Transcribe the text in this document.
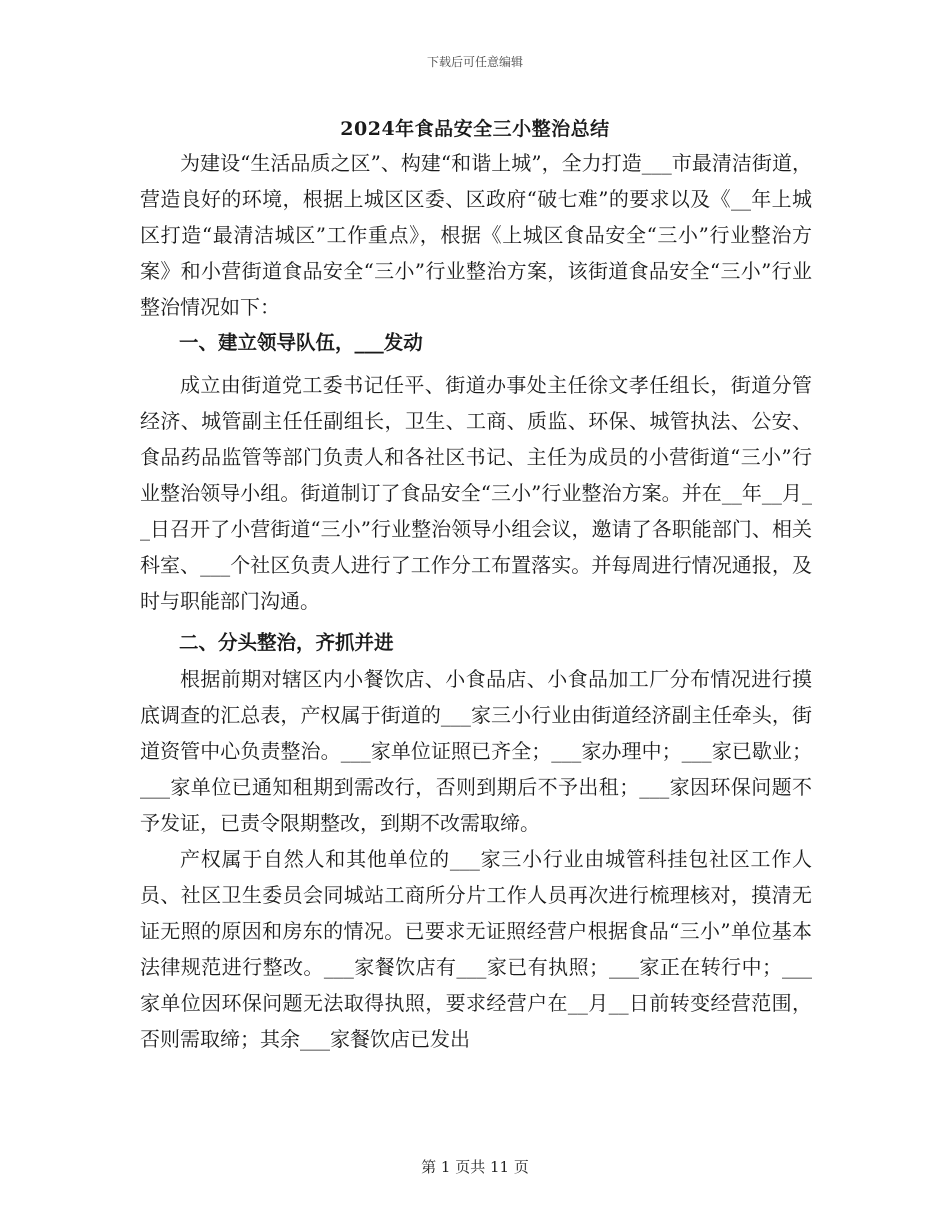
下载后可任意编辑
2024年食品安全三小整治总结

为建设“生活品质之区”、构建“和谐上城”，全力打造___市最清洁街道，营造良好的环境，根据上城区区委、区政府“破七难”的要求以及《__年上城区打造“最清洁城区”工作重点》，根据《上城区食品安全“三小”行业整治方案》和小营街道食品安全“三小”行业整治方案，该街道食品安全“三小”行业整治情况如下：

一、建立领导队伍，___发动

成立由街道党工委书记任平、街道办事处主任徐文孝任组长，街道分管经济、城管副主任任副组长，卫生、工商、质监、环保、城管执法、公安、食品药品监管等部门负责人和各社区书记、主任为成员的小营街道“三小”行业整治领导小组。街道制订了食品安全“三小”行业整治方案。并在__年__月__日召开了小营街道“三小”行业整治领导小组会议，邀请了各职能部门、相关科室、___个社区负责人进行了工作分工布置落实。并每周进行情况通报，及时与职能部门沟通。

二、分头整治，齐抓并进

根据前期对辖区内小餐饮店、小食品店、小食品加工厂分布情况进行摸底调查的汇总表，产权属于街道的___家三小行业由街道经济副主任牵头，街道资管中心负责整治。___家单位证照已齐全；___家办理中；___家已歇业；___家单位已通知租期到需改行，否则到期后不予出租；___家因环保问题不予发证，已责令限期整改，到期不改需取缔。

产权属于自然人和其他单位的___家三小行业由城管科挂包社区工作人员、社区卫生委员会同城站工商所分片工作人员再次进行梳理核对，摸清无证无照的原因和房东的情况。已要求无证照经营户根据食品“三小”单位基本法律规范进行整改。___家餐饮店有___家已有执照；___家正在转行中；___家单位因环保问题无法取得执照，要求经营户在__月__日前转变经营范围，否则需取缔；其余___家餐饮店已发出

第 1 页共 11 页
